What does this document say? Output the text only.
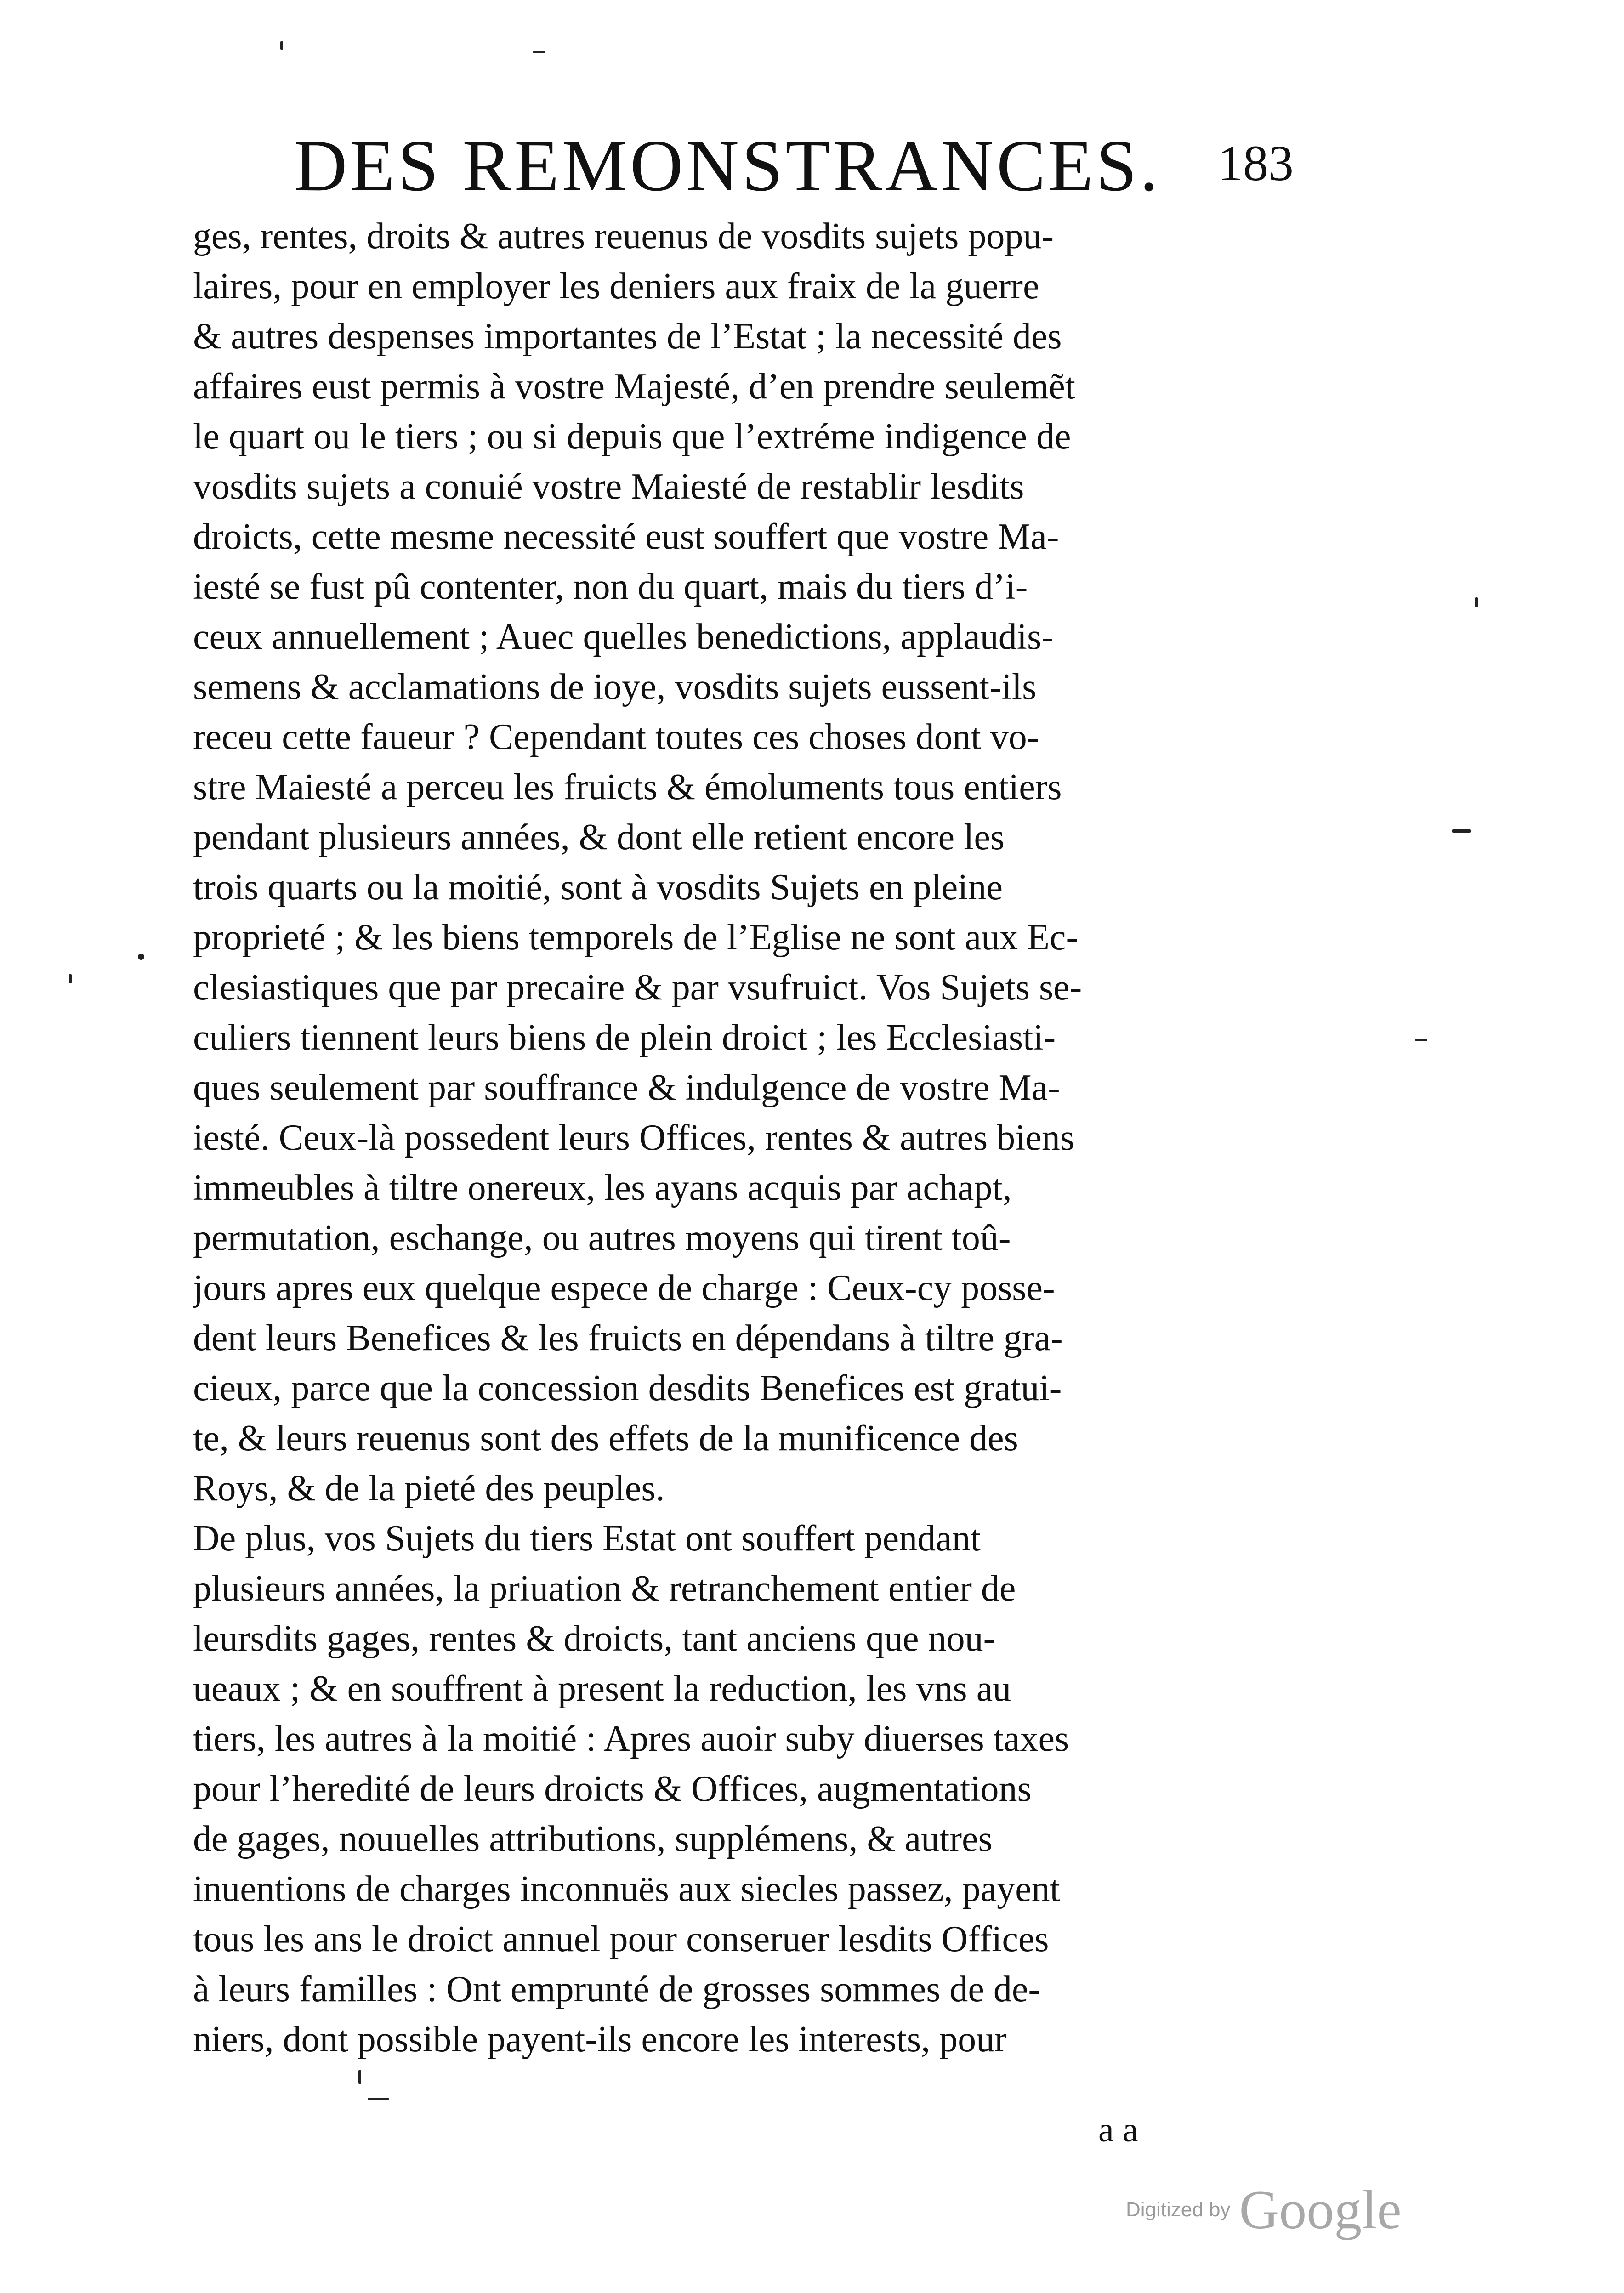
DES REMONSTRANCES. 183
ges, rentes, droits & autres reuenus de vosdits sujets popu-
laires, pour en employer les deniers aux fraix de la guerre
& autres despenses importantes de l’Estat ; la necessité des
affaires eust permis à vostre Majesté, d’en prendre seulemẽt
le quart ou le tiers ; ou si depuis que l’extréme indigence de
vosdits sujets a conuié vostre Maiesté de restablir lesdits
droicts, cette mesme necessité eust souffert que vostre Ma-
iesté se fust pû contenter, non du quart, mais du tiers d’i-
ceux annuellement ; Auec quelles benedictions, applaudis-
semens & acclamations de ioye, vosdits sujets eussent-ils
receu cette faueur ? Cependant toutes ces choses dont vo-
stre Maiesté a perceu les fruicts & émoluments tous entiers
pendant plusieurs années, & dont elle retient encore les
trois quarts ou la moitié, sont à vosdits Sujets en pleine
proprieté ; & les biens temporels de l’Eglise ne sont aux Ec-
clesiastiques que par precaire & par vsufruict. Vos Sujets se-
culiers tiennent leurs biens de plein droict ; les Ecclesiasti-
ques seulement par souffrance & indulgence de vostre Ma-
iesté. Ceux-là possedent leurs Offices, rentes & autres biens
immeubles à tiltre onereux, les ayans acquis par achapt,
permutation, eschange, ou autres moyens qui tirent toû-
jours apres eux quelque espece de charge : Ceux-cy posse-
dent leurs Benefices & les fruicts en dépendans à tiltre gra-
cieux, parce que la concession desdits Benefices est gratui-
te, & leurs reuenus sont des effets de la munificence des
Roys, & de la pieté des peuples.
De plus, vos Sujets du tiers Estat ont souffert pendant
plusieurs années, la priuation & retranchement entier de
leursdits gages, rentes & droicts, tant anciens que nou-
ueaux ; & en souffrent à present la reduction, les vns au
tiers, les autres à la moitié : Apres auoir suby diuerses taxes
pour l’heredité de leurs droicts & Offices, augmentations
de gages, nouuelles attributions, supplémens, & autres
inuentions de charges inconnuës aux siecles passez, payent
tous les ans le droict annuel pour conseruer lesdits Offices
à leurs familles : Ont emprunté de grosses sommes de de-
niers, dont possible payent-ils encore les interests, pour
a a
Digitized by Google
